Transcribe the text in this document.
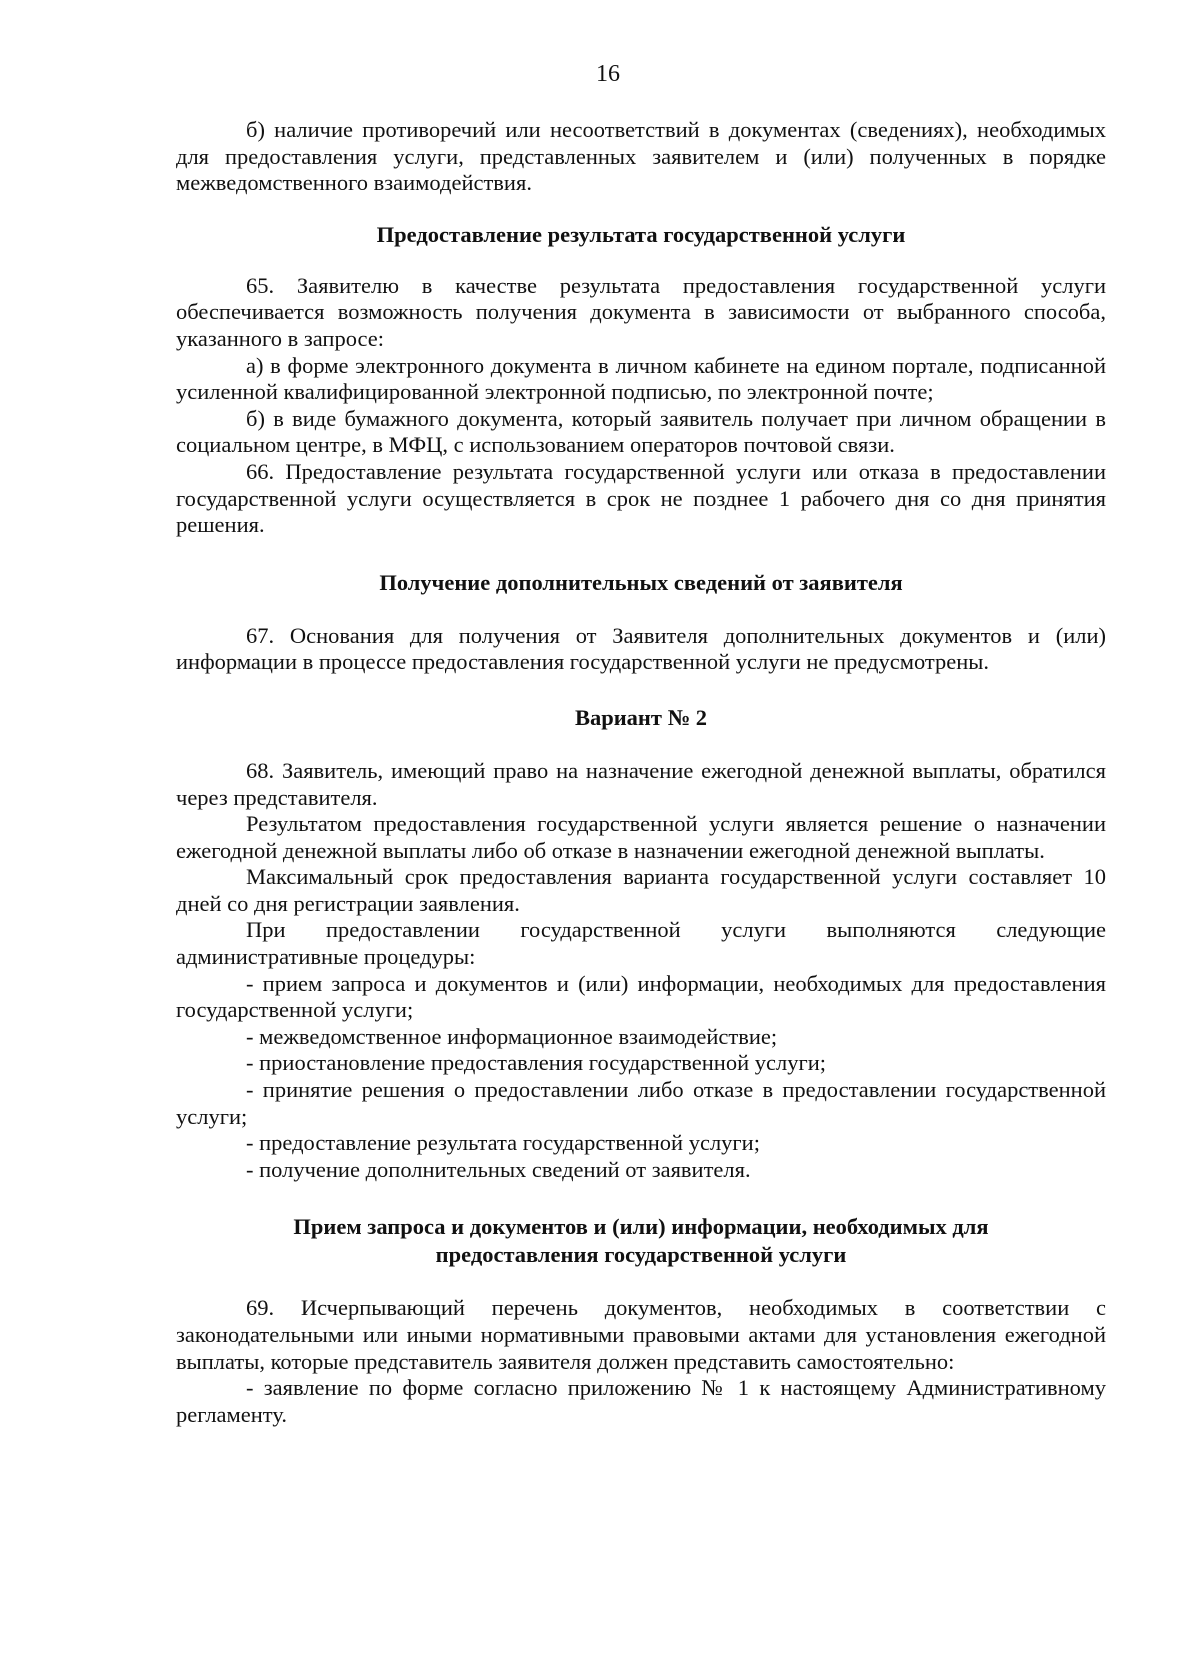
16

б) наличие противоречий или несоответствий в документах (сведениях), необходимых для предоставления услуги, представленных заявителем и (или) полученных в порядке межведомственного взаимодействия.

Предоставление результата государственной услуги

65. Заявителю в качестве результата предоставления государственной услуги обеспечивается возможность получения документа в зависимости от выбранного способа, указанного в запросе:

а) в форме электронного документа в личном кабинете на едином портале, подписанной усиленной квалифицированной электронной подписью, по электронной почте;

б) в виде бумажного документа, который заявитель получает при личном обращении в социальном центре, в МФЦ, с использованием операторов почтовой связи.

66. Предоставление результата государственной услуги или отказа в предоставлении государственной услуги осуществляется в срок не позднее 1 рабочего дня со дня принятия решения.

Получение дополнительных сведений от заявителя

67. Основания для получения от Заявителя дополнительных документов и (или) информации в процессе предоставления государственной услуги не предусмотрены.

Вариант № 2

68. Заявитель, имеющий право на назначение ежегодной денежной выплаты, обратился через представителя.

Результатом предоставления государственной услуги является решение о назначении ежегодной денежной выплаты либо об отказе в назначении ежегодной денежной выплаты.

Максимальный срок предоставления варианта государственной услуги составляет 10 дней со дня регистрации заявления.

При предоставлении государственной услуги выполняются следующие административные процедуры:

- прием запроса и документов и (или) информации, необходимых для предоставления государственной услуги;

- межведомственное информационное взаимодействие;

- приостановление предоставления государственной услуги;

- принятие решения о предоставлении либо отказе в предоставлении государственной услуги;

- предоставление результата государственной услуги;

- получение дополнительных сведений от заявителя.

Прием запроса и документов и (или) информации, необходимых для
предоставления государственной услуги

69. Исчерпывающий перечень документов, необходимых в соответствии с законодательными или иными нормативными правовыми актами для установления ежегодной выплаты, которые представитель заявителя должен представить самостоятельно:

- заявление по форме согласно приложению № 1 к настоящему Административному регламенту.
